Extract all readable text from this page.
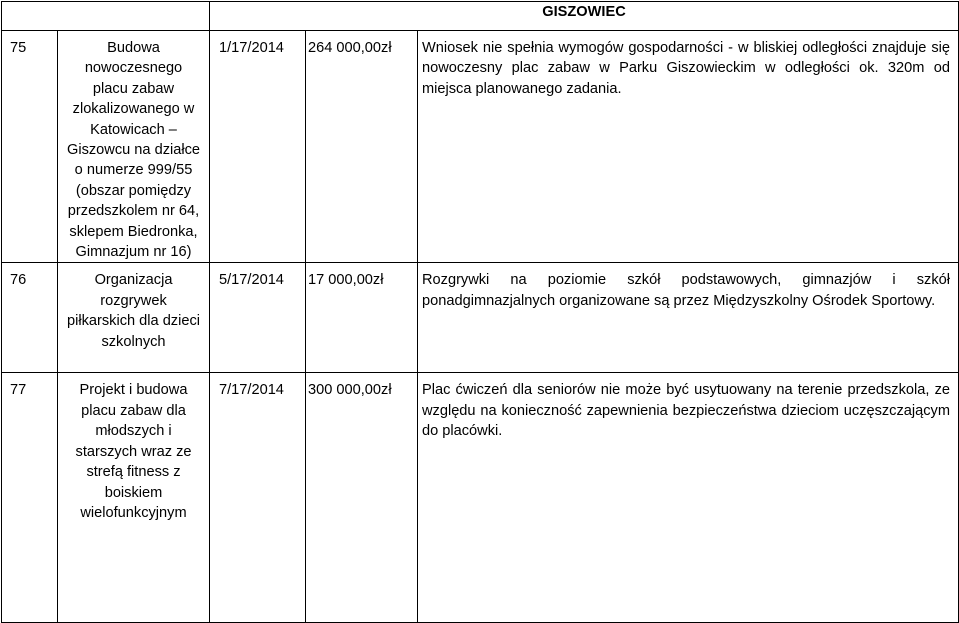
		GISZOWIEC		
75	Budowa nowoczesnego placu zabaw zlokalizowanego w Katowicach – Giszowcu na działce o numerze 999/55 (obszar pomiędzy przedszkolem nr 64, sklepem Biedronka, Gimnazjum nr 16)	1/17/2014	264 000,00zł	Wniosek nie spełnia wymogów gospodarności - w bliskiej odległości znajduje się nowoczesny plac zabaw w Parku Giszowieckim w odległości ok. 320m od miejsca planowanego zadania.
76	Organizacja rozgrywek piłkarskich dla dzieci szkolnych	5/17/2014	17 000,00zł	Rozgrywki na poziomie szkół podstawowych, gimnazjów i szkół ponadgimnazjalnych organizowane są przez Międzyszkolny Ośrodek Sportowy.
77	Projekt i budowa placu zabaw dla młodszych i starszych wraz ze strefą fitness z boiskiem wielofunkcyjnym	7/17/2014	300 000,00zł	Plac ćwiczeń dla seniorów nie może być usytuowany na terenie przedszkola, ze względu na konieczność zapewnienia bezpieczeństwa dzieciom uczęszczającym do placówki.
